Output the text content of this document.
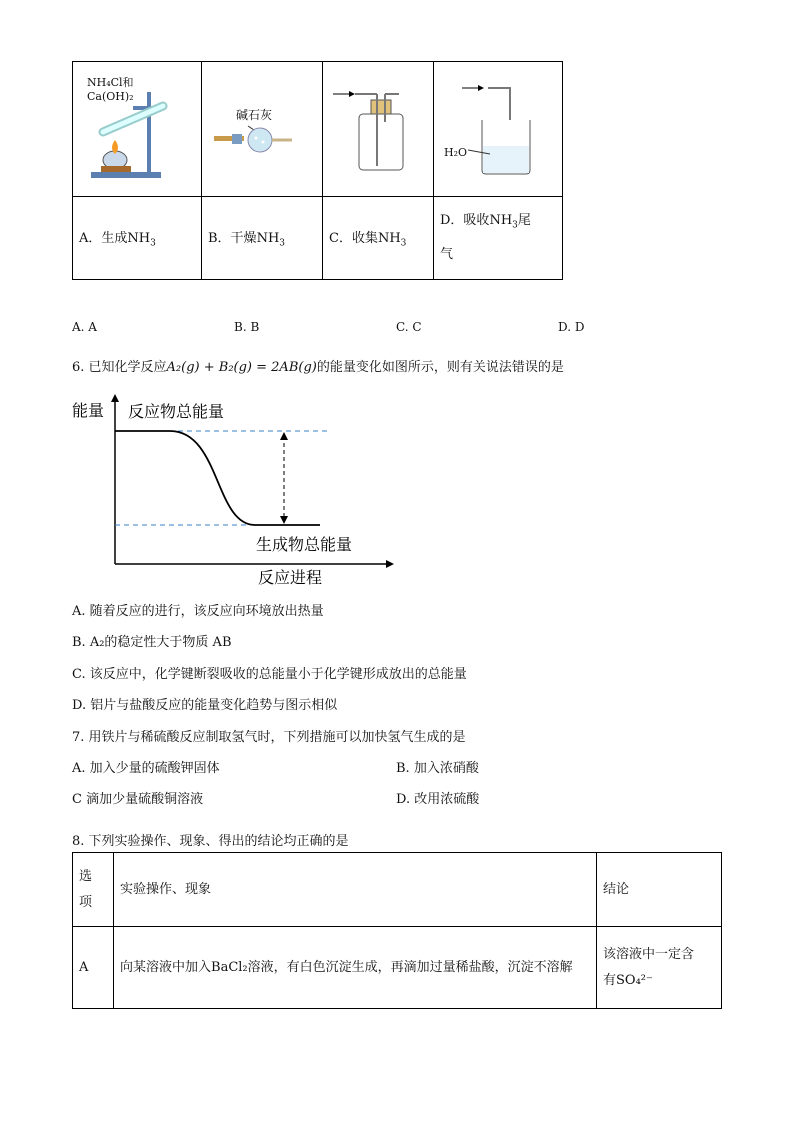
NH₄Cl和
Ca(OH)₂	碱石灰		H₂O

A．生成$NH_3$	B．干燥$NH_3$	C．收集$NH_3$	D．吸收$NH_3$尾
气
A. A	B. B	C. C	D. D
6. 已知化学反应A₂(g) + B₂(g) = 2AB(g)的能量变化如图所示，则有关说法错误的是
能量 反应物总能量
生成物总能量
反应进程
A. 随着反应的进行，该反应向环境放出热量
B. A₂的稳定性大于物质 AB
C. 该反应中，化学键断裂吸收的总能量小于化学键形成放出的总能量
D. 铝片与盐酸反应的能量变化趋势与图示相似
7. 用铁片与稀硫酸反应制取氢气时，下列措施可以加快氢气生成的是
A. 加入少量的硫酸钾固体	B. 加入浓硝酸
C 滴加少量硫酸铜溶液	D. 改用浓硫酸
8. 下列实验操作、现象、得出的结论均正确的是
选项	实验操作、现象	结论
A	向某溶液中加入BaCl₂溶液，有白色沉淀生成，再滴加过量稀盐酸，沉淀不溶解	该溶液中一定含
有SO₄²⁻
